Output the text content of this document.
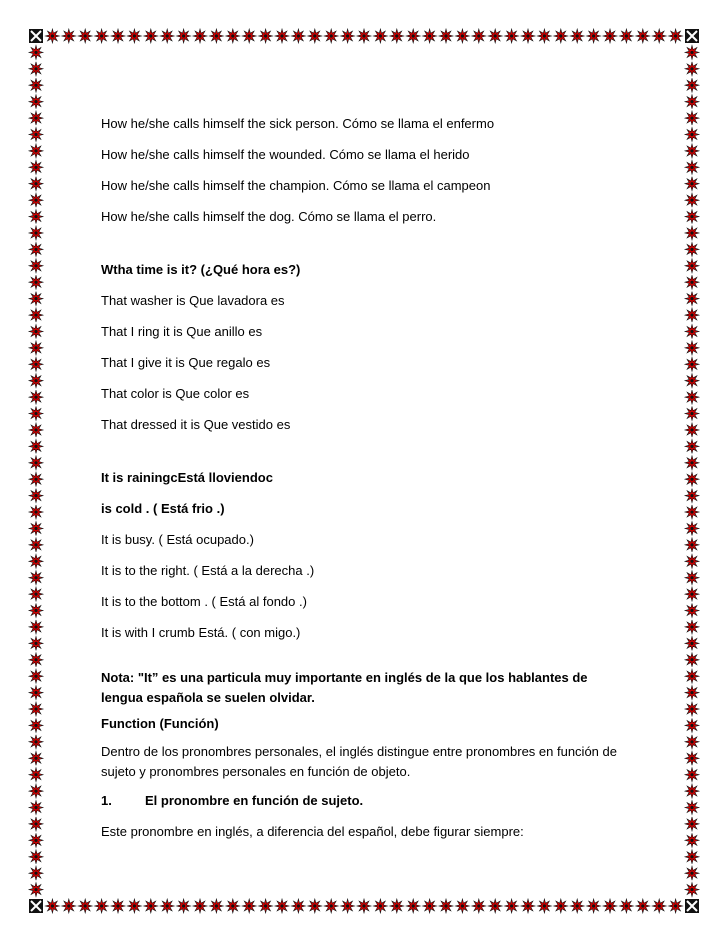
How he/she calls himself the sick person. Cómo se llama el enfermo

How he/she calls himself the wounded. Cómo se llama el herido

How he/she calls himself the champion. Cómo se llama el campeon

How he/she calls himself the dog. Cómo se llama el perro.

Wtha time is it? (¿Qué hora es?)

That washer is Que lavadora es

That I ring it is Que anillo es

That I give it is Que regalo es

That color is Que color es

That dressed it is Que vestido es

It is rainingcEstá lloviendoc

is cold . ( Está frio .)

It is busy. ( Está ocupado.)

It is to the right. ( Está a la derecha .)

It is to the bottom . ( Está al fondo .)

It is with I crumb Está. ( con migo.)

Nota: "It” es una particula muy importante en inglés de la que los hablantes de lengua española se suelen olvidar.

Function (Función)

Dentro de los pronombres personales, el inglés distingue entre pronombres en función de sujeto y pronombres personales en función de objeto.

1.	El pronombre en función de sujeto.

Este pronombre en inglés, a diferencia del español, debe figurar siempre:
